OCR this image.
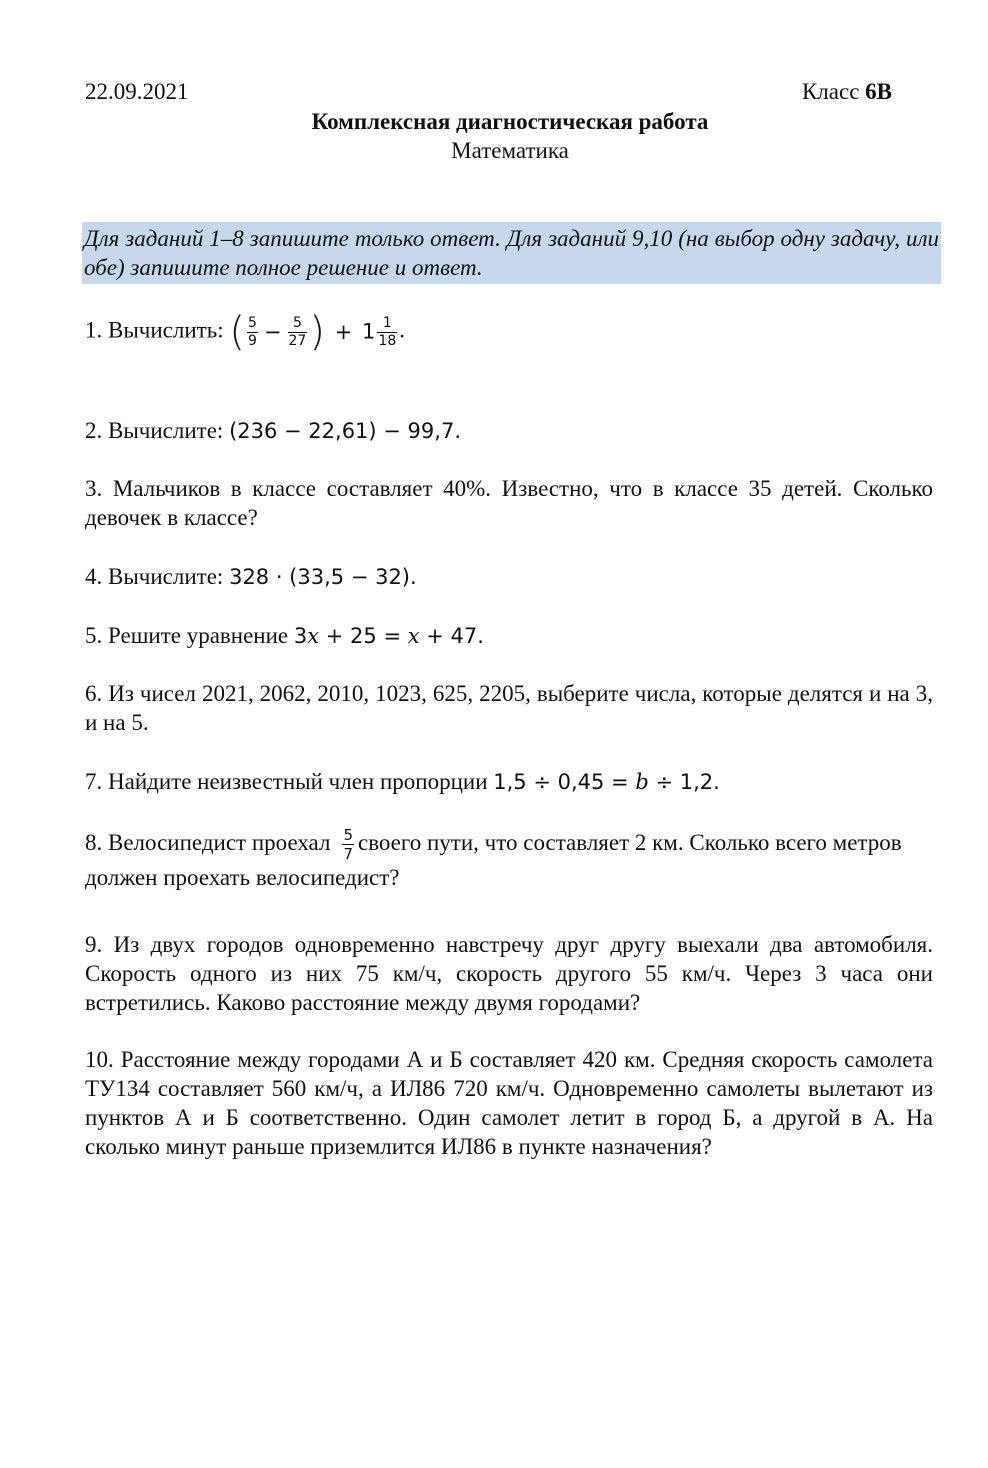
22.09.2021	Класс 6В
Комплексная диагностическая работа
Математика
Для заданий 1–8 запишите только ответ. Для заданий 9,10 (на выбор одну задачу, или обе) запишите полное решение и ответ.
1. Вычислить: ( $\frac{5}{9} - \frac{5}{27}$ ) + $1 \frac{1}{18}$ .
2. Вычислите: (236 − 22,61) − 99,7.
3. Мальчиков в классе составляет 40%. Известно, что в классе 35 детей. Сколько девочек в классе?
4. Вычислите: 328 · (33,5 − 32).
5. Решите уравнение 3x + 25 = x + 47.
6. Из чисел 2021, 2062, 2010, 1023, 625, 2205, выберите числа, которые делятся и на 3, и на 5.
7. Найдите неизвестный член пропорции 1,5 ÷ 0,45 = b ÷ 1,2.
8. Велосипедист проехал $\frac{5}{7}$ своего пути, что составляет 2 км. Сколько всего метров должен проехать велосипедист?
9. Из двух городов одновременно навстречу друг другу выехали два автомобиля. Скорость одного из них 75 км/ч, скорость другого 55 км/ч. Через 3 часа они встретились. Каково расстояние между двумя городами?
10. Расстояние между городами А и Б составляет 420 км. Средняя скорость самолета ТУ134 составляет 560 км/ч, а ИЛ86 720 км/ч. Одновременно самолеты вылетают из пунктов А и Б соответственно. Один самолет летит в город Б, а другой в А. На сколько минут раньше приземлится ИЛ86 в пункте назначения?
